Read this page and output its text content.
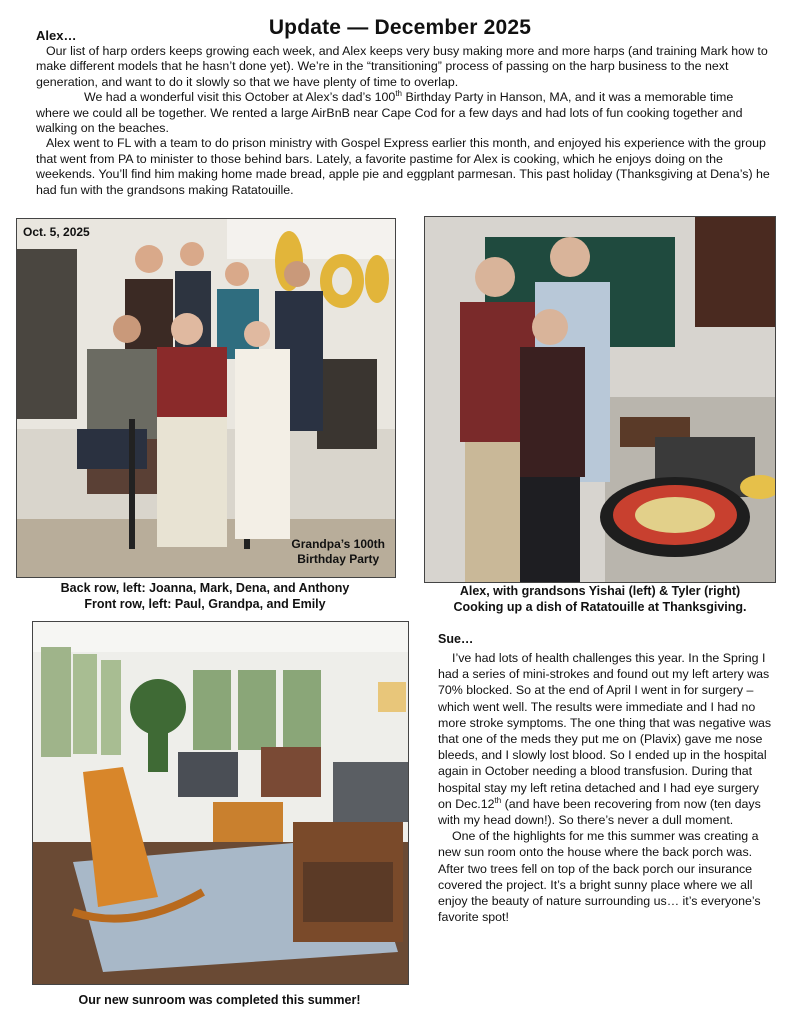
Alex…	Update — December 2025

Our list of harp orders keeps growing each week, and Alex keeps very busy making more and more harps (and training Mark how to make different models that he hasn’t done yet). We’re in the “transitioning” process of passing on the harp business to the next generation, and want to do it slowly so that we have plenty of time to overlap.

We had a wonderful visit this October at Alex’s dad’s 100th Birthday Party in Hanson, MA, and it was a memorable time where we could all be together. We rented a large AirBnB near Cape Cod for a few days and had lots of fun cooking together and walking on the beaches.

Alex went to FL with a team to do prison ministry with Gospel Express earlier this month, and enjoyed his experience with the group that went from PA to minister to those behind bars. Lately, a favorite pastime for Alex is cooking, which he enjoys doing on the weekends. You’ll find him making home made bread, apple pie and eggplant parmesan. This past holiday (Thanksgiving at Dena’s) he had fun with the grandsons making Ratatouille.

Oct. 5, 2025
Grandpa’s 100th
Birthday Party
Back row, left: Joanna, Mark, Dena, and Anthony
Front row, left: Paul, Grandpa, and Emily
Alex, with grandsons Yishai (left) & Tyler (right)
Cooking up a dish of Ratatouille at Thanksgiving.
Our new sunroom was completed this summer!
Sue…

I’ve had lots of health challenges this year. In the Spring I had a series of mini-strokes and found out my left artery was 70% blocked. So at the end of April I went in for surgery – which went well. The results were immediate and I had no more stroke symptoms. The one thing that was negative was that one of the meds they put me on (Plavix) gave me nose bleeds, and I slowly lost blood. So I ended up in the hospital again in October needing a blood transfusion. During that hospital stay my left retina detached and I had eye surgery on Dec.12th (and have been recovering from now (ten days with my head down!). So there’s never a dull moment.

One of the highlights for me this summer was creating a new sun room onto the house where the back porch was. After two trees fell on top of the back porch our insurance covered the project. It’s a bright sunny place where we all enjoy the beauty of nature surrounding us… it’s everyone’s favorite spot!
